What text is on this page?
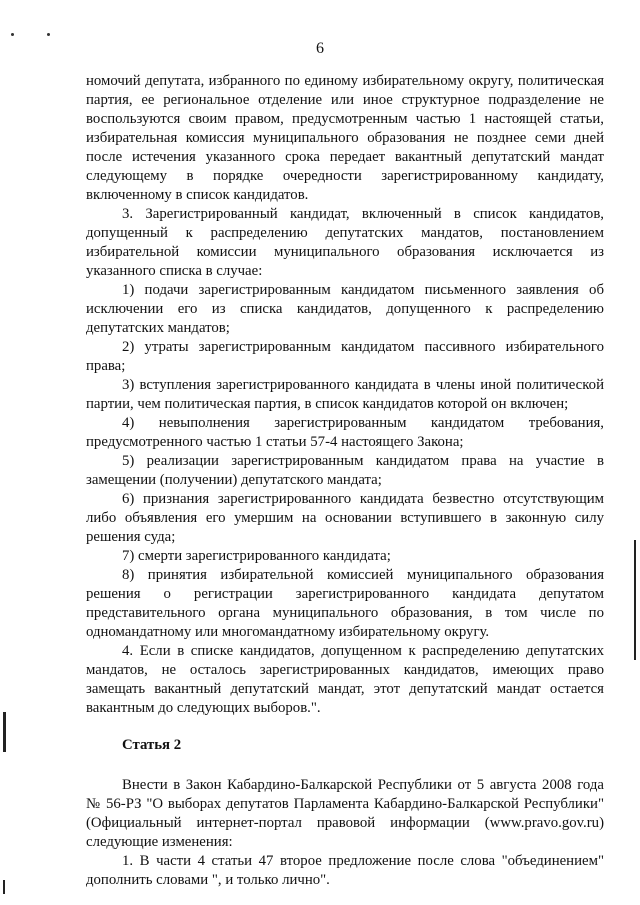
6

номочий депутата, избранного по единому избирательному округу, политическая партия, ее региональное отделение или иное структурное подразделение не воспользуются своим правом, предусмотренным частью 1 настоящей статьи, избирательная комиссия муниципального образования не позднее семи дней после истечения указанного срока передает вакантный депутатский мандат следующему в порядке очередности зарегистрированному кандидату, включенному в список кандидатов.

3. Зарегистрированный кандидат, включенный в список кандидатов, допущенный к распределению депутатских мандатов, постановлением избирательной комиссии муниципального образования исключается из указанного списка в случае:

1) подачи зарегистрированным кандидатом письменного заявления об исключении его из списка кандидатов, допущенного к распределению депутатских мандатов;

2) утраты зарегистрированным кандидатом пассивного избирательного права;

3) вступления зарегистрированного кандидата в члены иной политической партии, чем политическая партия, в список кандидатов которой он включен;

4) невыполнения зарегистрированным кандидатом требования, предусмотренного частью 1 статьи 57-4 настоящего Закона;

5) реализации зарегистрированным кандидатом права на участие в замещении (получении) депутатского мандата;

6) признания зарегистрированного кандидата безвестно отсутствующим либо объявления его умершим на основании вступившего в законную силу решения суда;

7) смерти зарегистрированного кандидата;

8) принятия избирательной комиссией муниципального образования решения о регистрации зарегистрированного кандидата депутатом представительного органа муниципального образования, в том числе по одномандатному или многомандатному избирательному округу.

4. Если в списке кандидатов, допущенном к распределению депутатских мандатов, не осталось зарегистрированных кандидатов, имеющих право замещать вакантный депутатский мандат, этот депутатский мандат остается вакантным до следующих выборов.".

Статья 2

Внести в Закон Кабардино-Балкарской Республики от 5 августа 2008 года № 56-РЗ "О выборах депутатов Парламента Кабардино-Балкарской Республики" (Официальный интернет-портал правовой информации (www.pravo.gov.ru) следующие изменения:

1. В части 4 статьи 47 второе предложение после слова "объединением" дополнить словами ", и только лично".
